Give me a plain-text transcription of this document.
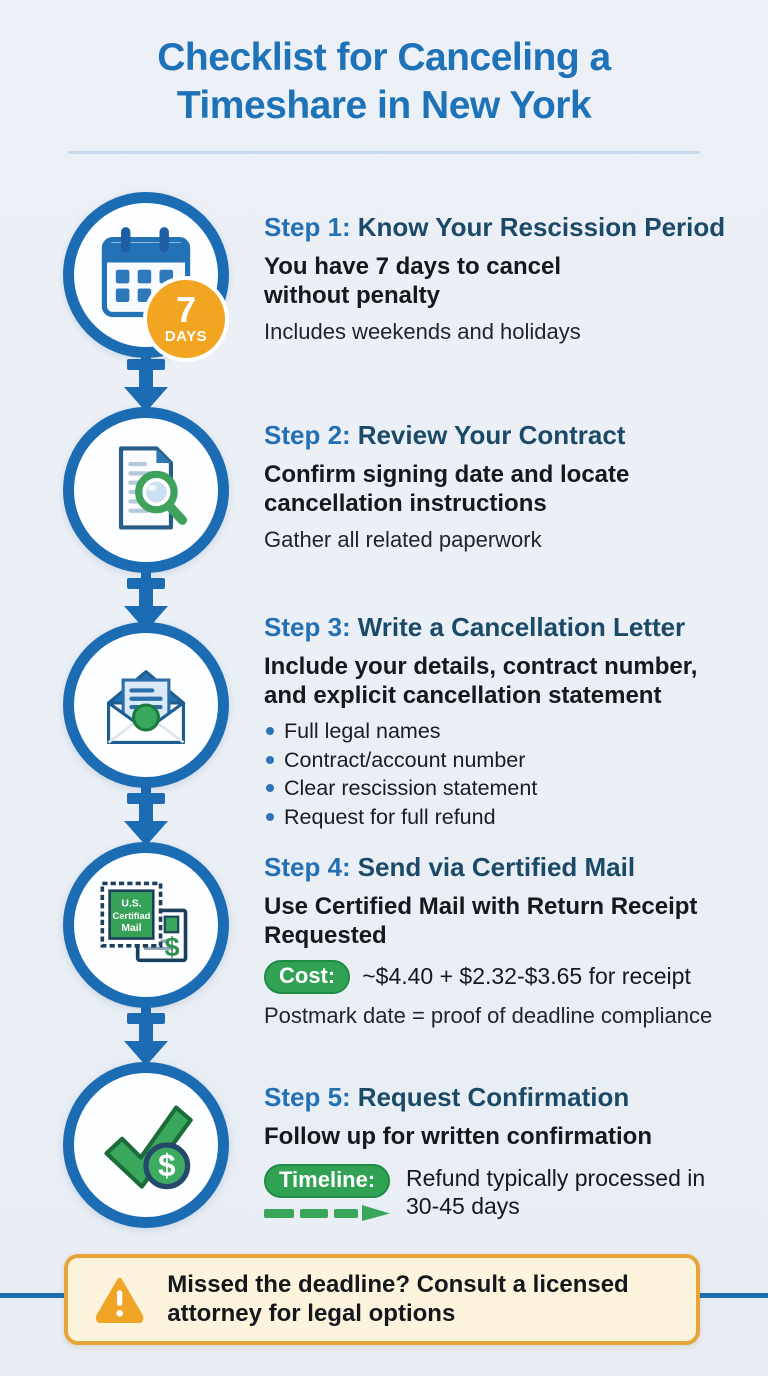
Checklist for Canceling a Timeshare in New York
7
DAYS
Step 1: Know Your Rescission Period
You have 7 days to cancel without penalty
Includes weekends and holidays
Step 2: Review Your Contract
Confirm signing date and locate cancellation instructions
Gather all related paperwork
Step 3: Write a Cancellation Letter
Include your details, contract number, and explicit cancellation statement
Full legal names
Contract/account number
Clear rescission statement
Request for full refund
$
U.S.
Certifiad
Mail
Step 4: Send via Certified Mail
Use Certified Mail with Return Receipt Requested
Cost:	~$4.40 + $2.32-$3.65 for receipt
Postmark date = proof of deadline compliance
$
Step 5: Request Confirmation
Follow up for written confirmation
Timeline:	Refund typically processed in 30-45 days
Missed the deadline? Consult a licensed attorney for legal options
